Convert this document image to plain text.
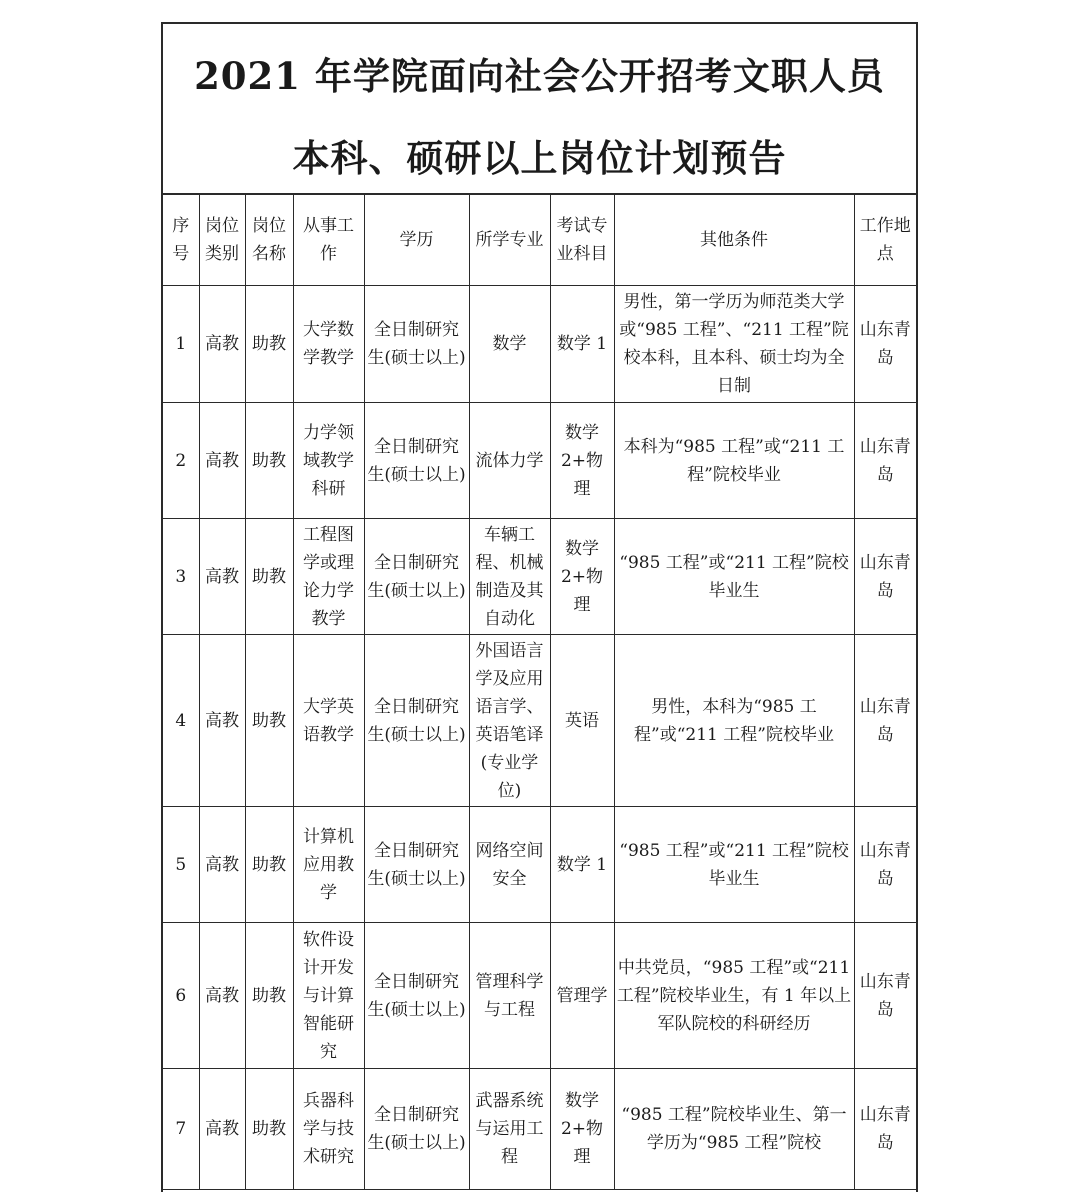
2021 年学院面向社会公开招考文职人员
本科、硕研以上岗位计划预告
序号	岗位类别	岗位名称	从事工作	学历	所学专业	考试专业科目	其他条件	工作地点
1	高教	助教	大学数学教学	全日制研究生(硕士以上)	数学	数学 1	男性，第一学历为师范类大学或“985 工程”、“211 工程”院校本科，且本科、硕士均为全日制	山东青岛
2	高教	助教	力学领域教学科研	全日制研究生(硕士以上)	流体力学	数学 2+物理	本科为“985 工程”或“211 工程”院校毕业	山东青岛
3	高教	助教	工程图学或理论力学教学	全日制研究生(硕士以上)	车辆工程、机械制造及其自动化	数学 2+物理	“985 工程”或“211 工程”院校毕业生	山东青岛
4	高教	助教	大学英语教学	全日制研究生(硕士以上)	外国语言学及应用语言学、英语笔译(专业学位)	英语	男性，本科为“985 工程”或“211 工程”院校毕业	山东青岛
5	高教	助教	计算机应用教学	全日制研究生(硕士以上)	网络空间安全	数学 1	“985 工程”或“211 工程”院校毕业生	山东青岛
6	高教	助教	软件设计开发与计算智能研究	全日制研究生(硕士以上)	管理科学与工程	管理学	中共党员，“985 工程”或“211 工程”院校毕业生，有 1 年以上军队院校的科研经历	山东青岛
7	高教	助教	兵器科学与技术研究	全日制研究生(硕士以上)	武器系统与运用工程	数学 2+物理	“985 工程”院校毕业生、第一学历为“985 工程”院校	山东青岛
